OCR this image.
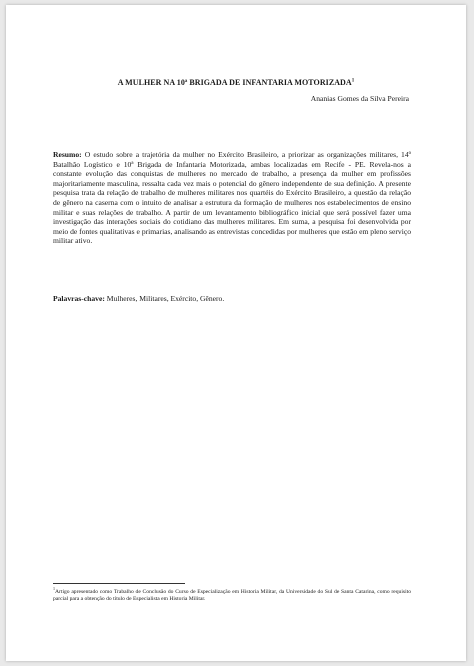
A MULHER NA 10ª BRIGADA DE INFANTARIA MOTORIZADA$^1$
Ananias Gomes da Silva Pereira
Resumo: O estudo sobre a trajetória da mulher no Exército Brasileiro, a priorizar as organizações militares, 14º Batalhão Logístico e 10ª Brigada de Infantaria Motorizada, ambas localizadas em Recife - PE. Revela-nos a constante evolução das conquistas de mulheres no mercado de trabalho, a presença da mulher em profissões majoritariamente masculina, ressalta cada vez mais o potencial do gênero independente de sua definição. A presente pesquisa trata da relação de trabalho de mulheres militares nos quartéis do Exército Brasileiro, a questão da relação de gênero na caserna com o intuito de analisar a estrutura da formação de mulheres nos estabelecimentos de ensino militar e suas relações de trabalho. A partir de um levantamento bibliográfico inicial que será possível fazer uma investigação das interações sociais do cotidiano das mulheres militares. Em suma, a pesquisa foi desenvolvida por meio de fontes qualitativas e primarias, analisando as entrevistas concedidas por mulheres que estão em pleno serviço militar ativo.
Palavras-chave: Mulheres, Militares, Exército, Gênero.
$^1$Artigo apresentado como Trabalho de Conclusão do Curso de Especialização em Historia Militar, da Universidade do Sul de Santa Catarina, como requisito parcial para a obtenção do título de Especialista em Historia Militar.
